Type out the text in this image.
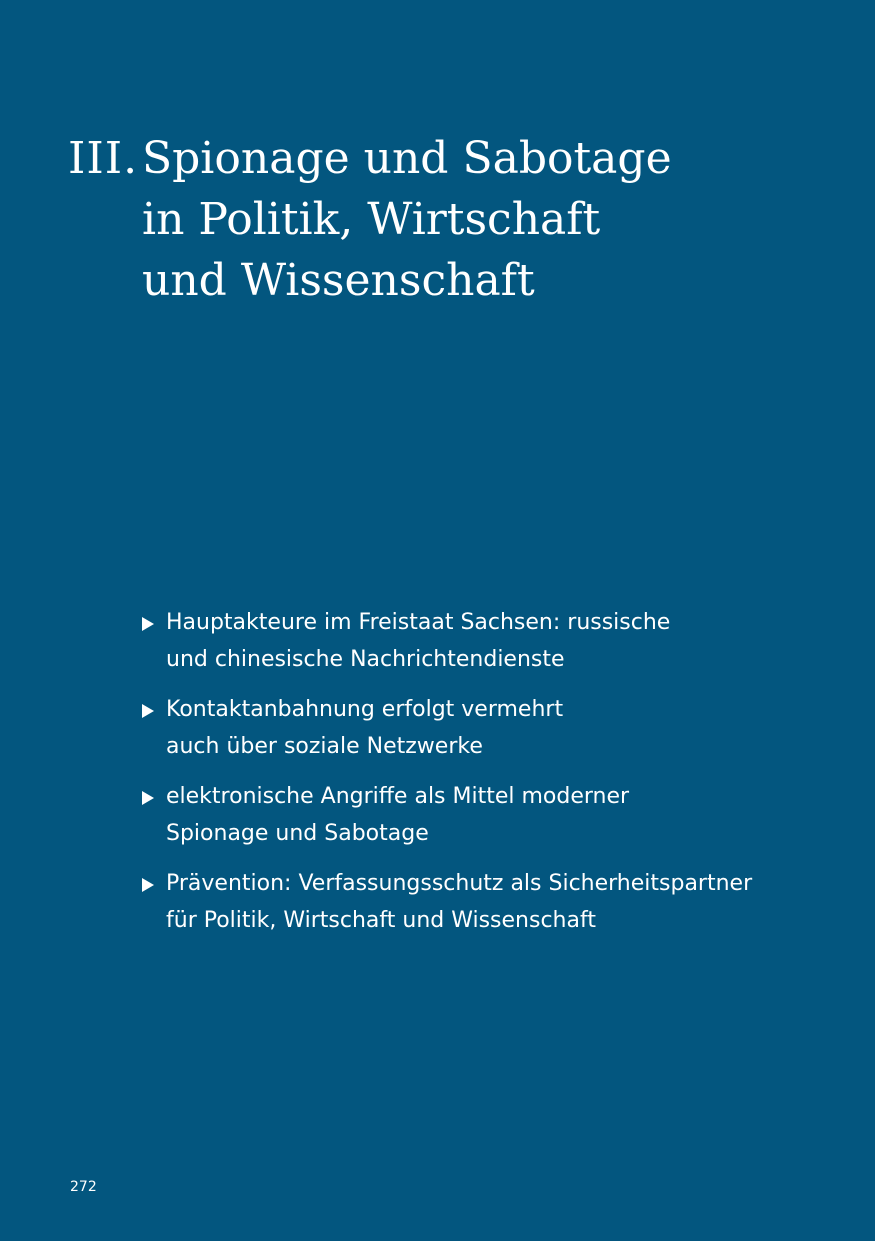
III. Spionage und Sabotage
in Politik, Wirtschaft
und Wissenschaft
Hauptakteure im Freistaat Sachsen: russische
und chinesische Nachrichtendienste
Kontaktanbahnung erfolgt vermehrt
auch über soziale Netzwerke
elektronische Angriffe als Mittel moderner
Spionage und Sabotage
Prävention: Verfassungsschutz als Sicherheitspartner
für Politik, Wirtschaft und Wissenschaft
272
